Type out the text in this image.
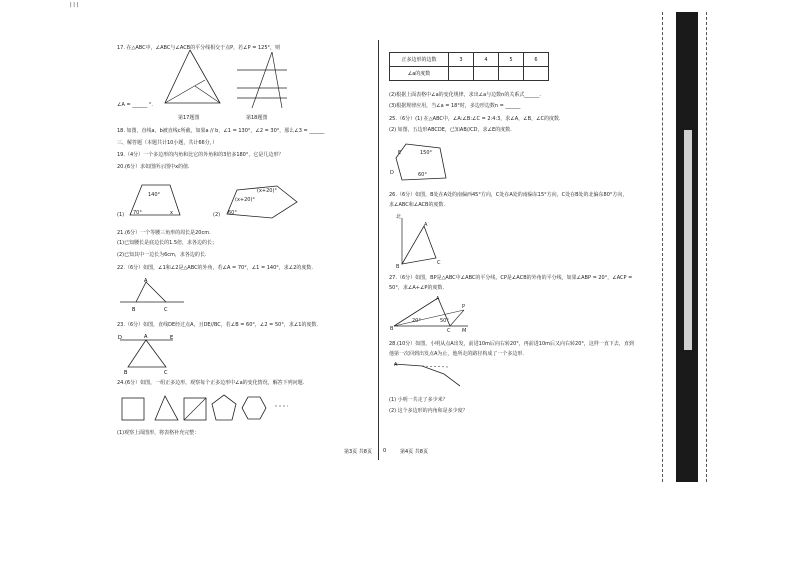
| | |
17. 在△ABC中，∠ABC与∠ACB的平分线相交于点P，若∠P = 125°，则
∠A = ______ °.
第17题图	第18题图
18. 如图，直线a，b被直线c所截，如果a // b，∠1 = 130°，∠2 = 30°，那么∠3 = ______
三、解答题（本题共计10小题，共计66分，）
19.（4分）一个多边形的内角和比它的外角和的3倍多180°，它是几边形？
20.(6分）求如图所示图中x的值.
(1)
140°
70°	x	(2)
(x+20)°
(x+20)°
60°
21.(6分）一个等腰三角形的周长是20cm.
(1)已知腰长是底边长的1.5倍，求各边的长；
(2)已知其中一边长为6cm，求各边的长.
22.（6分）如图，∠1和∠2是△ABC的外角，若∠A = 70°，∠1 = 140°，求∠2的度数.
A
B	C
23.（6分）如图，直线DE经过点A，且DE//BC，若∠B = 60°，∠2 = 50°，求∠1的度数.
D	E
A
B	C
24.(6分）如图，一组正多边形，观察每个正多边形中∠a的变化情况，解答下列问题.
(1)观察上面图形，将表格补充完整：
第3页 共8页 0	第4页 共8页
正多边形的边数	3	4	5	6
∠a的度数				
(2)根据上面表格中∠a的变化规律，求出∠a与边数n的关系式______.
(3)根据规律应用，当∠a = 18°时，多边形边数n = ______
25.（6分）(1) 在△ABC中，∠A:∠B:∠C = 2:4:3，求∠A，∠B，∠C的度数.
(2) 如图，五边形ABCDE，已知AB//CD，求∠E的度数.
E	150°
60°
D
26.（6分）如图，B处在A处的南偏西45°方向，C处在A处的南偏东15°方向，C处在B处的北偏东80°方向，
求∠ABC和∠ACB的度数.
北
A
B
C
27.（6分）如图，BP是△ABC中∠ABC的平分线，CP是∠ACB的外角的平分线，如果∠ABP = 20°，∠ACP =
50°，求∠A+∠P的度数.
A
P
B	C M
20°	50°
28.(10分）如图，小明从点A出发，前进10m后向右转20°，再前进10m后又向右转20°，这样一直下去，直到
他第一次回到出发点A为止，他所走的路径构成了一个多边形.
A
(1) 小明一共走了多少米？
(2) 这个多边形的内角和是多少度？
